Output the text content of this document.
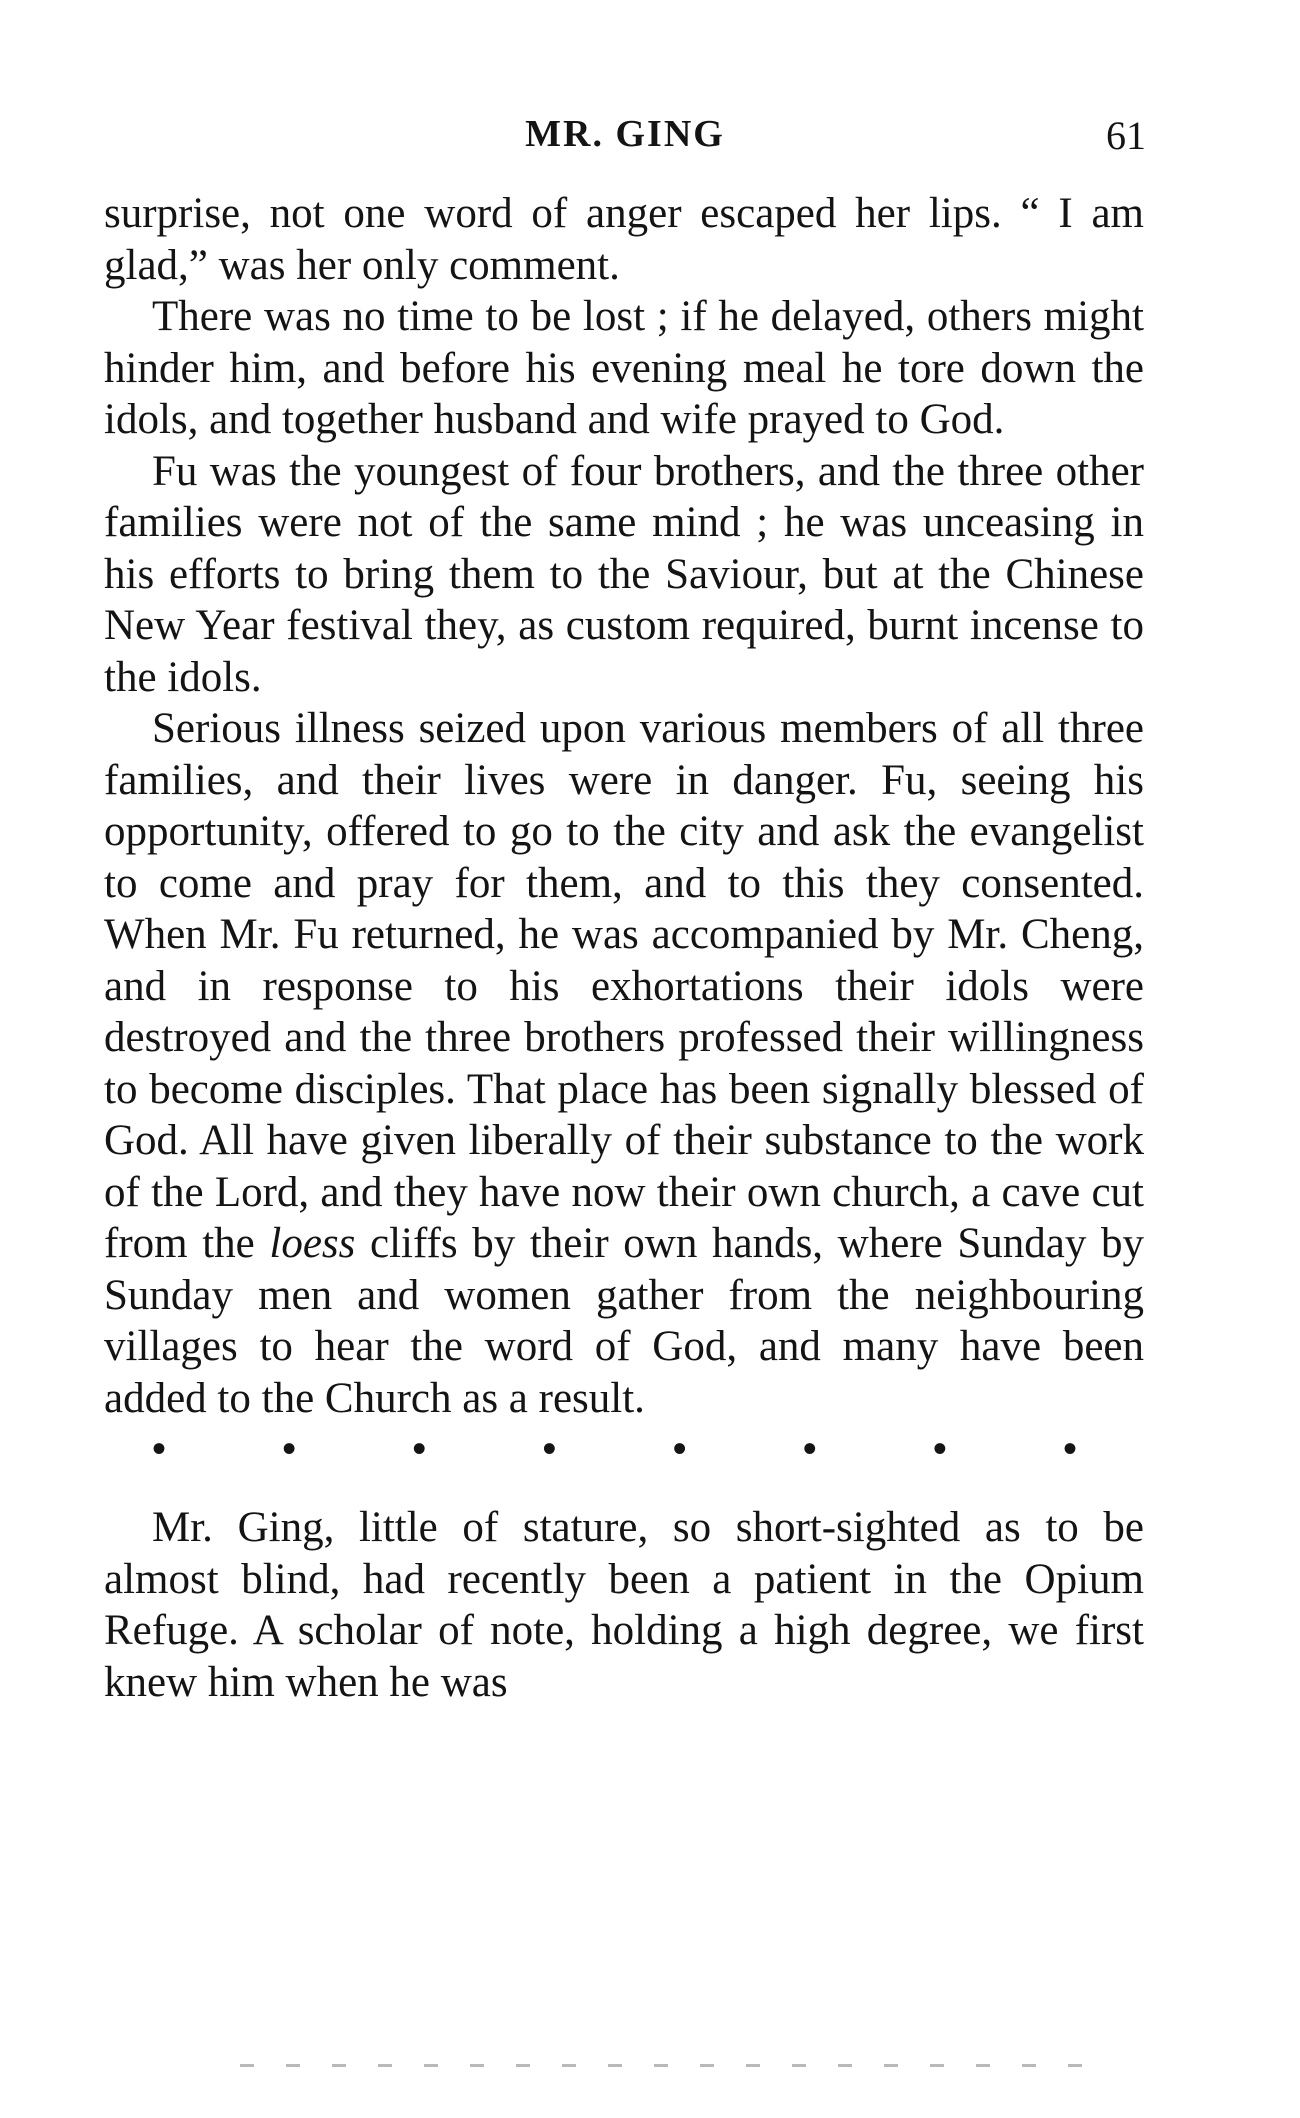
MR. GING	61

surprise, not one word of anger escaped her lips. “ I am glad,” was her only comment.

There was no time to be lost ; if he delayed, others might hinder him, and before his evening meal he tore down the idols, and together husband and wife prayed to God.

Fu was the youngest of four brothers, and the three other families were not of the same mind ; he was unceasing in his efforts to bring them to the Saviour, but at the Chinese New Year festival they, as custom required, burnt incense to the idols.

Serious illness seized upon various members of all three families, and their lives were in danger. Fu, seeing his opportunity, offered to go to the city and ask the evangelist to come and pray for them, and to this they consented. When Mr. Fu returned, he was accompanied by Mr. Cheng, and in response to his exhortations their idols were destroyed and the three brothers professed their willingness to become disciples. That place has been signally blessed of God. All have given liberally of their substance to the work of the Lord, and they have now their own church, a cave cut from the loess cliffs by their own hands, where Sunday by Sunday men and women gather from the neighbouring villages to hear the word of God, and many have been added to the Church as a result.

•	•	•	•	•	•	•	•

Mr. Ging, little of stature, so short-sighted as to be almost blind, had recently been a patient in the Opium Refuge. A scholar of note, holding a high degree, we first knew him when he was
